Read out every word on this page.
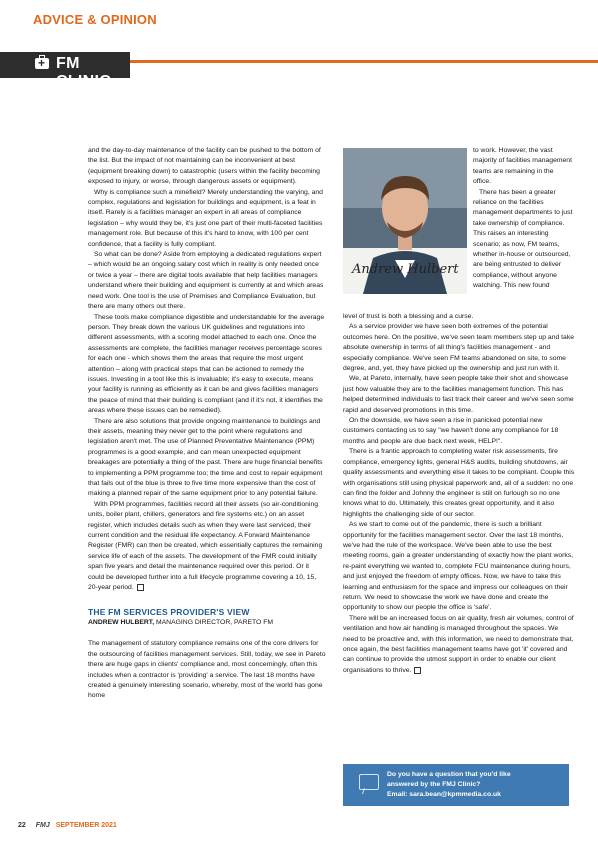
ADVICE & OPINION
+
FM CLINIC

and the day-to-day maintenance of the facility can be pushed to the bottom of the list. But the impact of not maintaining can be inconvenient at best (equipment breaking down) to catastrophic (users within the facility becoming exposed to injury, or worse, through dangerous assets or equipment).

Why is compliance such a minefield? Merely understanding the varying, and complex, regulations and legislation for buildings and equipment, is a feat in itself. Rarely is a facilities manager an expert in all areas of compliance legislation – why would they be, it's just one part of their multi-faceted facilities management role. But because of this it's hard to know, with 100 per cent confidence, that a facility is fully compliant.

So what can be done? Aside from employing a dedicated regulations expert – which would be an ongoing salary cost which in reality is only needed once or twice a year – there are digital tools available that help facilities managers understand where their building and equipment is currently at and which areas need work. One tool is the use of Premises and Compliance Evaluation, but there are many others out there.

These tools make compliance digestible and understandable for the average person. They break down the various UK guidelines and regulations into different assessments, with a scoring model attached to each one. Once the assessments are complete, the facilities manager receives percentage scores for each one - which shows them the areas that require the most urgent attention – along with practical steps that can be actioned to remedy the issues. Investing in a tool like this is invaluable; it's easy to execute, means your facility is running as efficiently as it can be and gives facilities managers the peace of mind that their building is compliant (and if it's not, it identifies the areas where these issues can be remedied).

There are also solutions that provide ongoing maintenance to buildings and their assets, meaning they never get to the point where regulations and legislation aren't met. The use of Planned Preventative Maintenance (PPM) programmes is a good example, and can mean unexpected equipment breakages are potentially a thing of the past. There are huge financial benefits to implementing a PPM programme too; the time and cost to repair equipment that fails out of the blue is three to five time more expensive than the cost of making a planned repair of the same equipment prior to any potential failure.

With PPM programmes, facilities record all their assets (so air-conditioning units, boiler plant, chillers, generators and fire systems etc.) on an asset register, which includes details such as when they were last serviced, their current condition and the residual life expectancy. A Forward Maintenance Register (FMR) can then be created, which essentially captures the remaining service life of each of the assets. The development of the FMR could initially span five years and detail the maintenance required over this period. Or it could be developed further into a full lifecycle programme covering a 10, 15, 20-year period.

THE FM SERVICES PROVIDER'S VIEW
ANDREW HULBERT, MANAGING DIRECTOR, PARETO FM

The management of statutory compliance remains one of the core drivers for the outsourcing of facilities management services. Still, today, we see in Pareto there are huge gaps in clients' compliance and, most concerningly, often this includes when a contractor is 'providing' a service. The last 18 months have created a genuinely interesting scenario, whereby, most of the world has gone home

Andrew Hulbert

to work. However, the vast majority of facilities management teams are remaining in the office.

There has been a greater reliance on the facilities management departments to just take ownership of compliance. This raises an interesting scenario; as now, FM teams, whether in-house or outsourced, are being entrusted to deliver compliance, without anyone watching. This new found

level of trust is both a blessing and a curse.

As a service provider we have seen both extremes of the potential outcomes here. On the positive, we've seen team members step up and take absolute ownership in terms of all thing's facilities management - and especially compliance. We've seen FM teams abandoned on site, to some degree, and, yet, they have picked up the ownership and just run with it.

We, at Pareto, internally, have seen people take their shot and showcase just how valuable they are to the facilities management function. This has helped determined individuals to fast track their career and we've seen some rapid and deserved promotions in this time.

On the downside, we have seen a rise in panicked potential new customers contacting us to say "we haven't done any compliance for 18 months and people are due back next week, HELP!".

There is a frantic approach to completing water risk assessments, fire compliance, emergency lights, general H&S audits, building shutdowns, air quality assessments and everything else it takes to be compliant. Couple this with organisations still using physical paperwork and, all of a sudden: no one can find the folder and Johnny the engineer is still on furlough so no one knows what to do. Ultimately, this creates great opportunity, and it also highlights the challenging side of our sector.

As we start to come out of the pandemic, there is such a brilliant opportunity for the facilities management sector. Over the last 18 months, we've had the rule of the workspace. We've been able to use the best meeting rooms, gain a greater understanding of exactly how the plant works, re-paint everything we wanted to, complete FCU maintenance during hours, and just enjoyed the freedom of empty offices. Now, we have to take this learning and enthusiasm for the space and impress our colleagues on their return. We need to showcase the work we have done and create the opportunity to show our people the office is 'safe'.

There will be an increased focus on air quality, fresh air volumes, control of ventilation and how air handling is managed throughout the spaces. We need to be proactive and, with this information, we need to demonstrate that, once again, the best facilities management teams have got 'it' covered and can continue to provide the utmost support in order to enable our client organisations to thrive.

Do you have a question that you'd like
answered by the FMJ Clinic?
Email: sara.bean@kpmmedia.co.uk
22 FMJ SEPTEMBER 2021
